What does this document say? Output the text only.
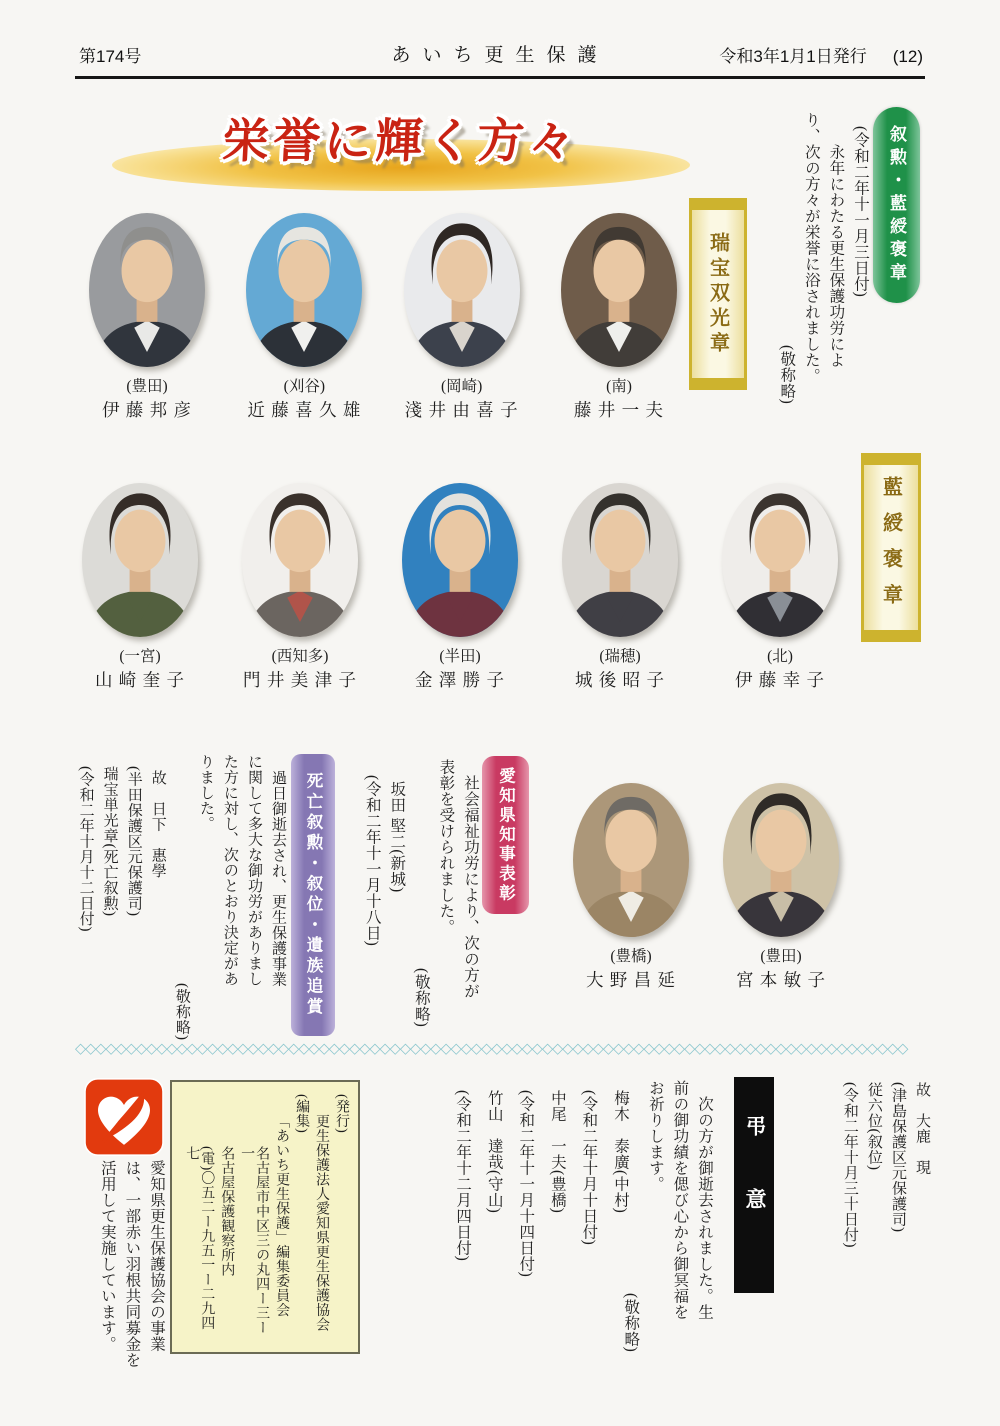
第174号	あいち更生保護	令和3年1月1日発行 (12)
栄誉に輝く方々	叙勲・藍綬褒章

(令和二年十一月三日付)

永年にわたる更生保護功労によ

り、次の方々が栄誉に浴されました。

(敬称略)

瑞宝双光章

(豊田)

伊 藤 邦 彦

(刈谷)

近 藤 喜 久 雄

(岡崎)

淺 井 由 喜 子

(南)

藤 井 一 夫

藍綬褒章

(一宮)

山 崎 奎 子

(西知多)

門 井 美 津 子

(半田)

金 澤 勝 子

(瑞穂)

城 後 昭 子

(北)

伊 藤 幸 子

愛知県知事表彰

社会福祉功労により、次の方が

表彰を受けられました。

(敬称略)

坂田 堅二(新城)

(令和二年十一月十八日)

(豊橋)

大 野 昌 延

(豊田)

宮 本 敏 子

死亡叙勲・叙位・遺族追賞

過日御逝去され、更生保護事業

に関して多大な御功労がありまし

た方に対し、次のとおり決定があ

りました。

(敬称略)

故　日下　惠學

(半田保護区元保護司)

瑞宝単光章(死亡叙勲)

(令和二年十月十二日付)

◇◇◇◇◇◇◇◇◇◇◇◇◇◇◇◇◇◇◇◇◇◇◇◇◇◇◇◇◇◇◇◇◇◇◇◇◇◇◇◇◇◇◇◇◇◇◇◇◇◇◇◇◇◇◇◇◇◇◇◇◇◇◇◇◇◇◇◇◇◇◇◇◇◇◇◇◇◇◇◇◇◇

故　大鹿　現

(津島保護区元保護司)

従六位(叙位)

(令和二年十月三十日付)

弔意

次の方が御逝去されました。生

前の御功績を偲び心から御冥福を

お祈りします。

(敬称略)

梅木　泰廣(中村)

(令和二年十月十日付)

中尾　一夫(豊橋)

(令和二年十一月十四日付)

竹山　達哉(守山)

(令和二年十二月四日付)

(発行)

更生保護法人愛知県更生保護協会

(編集)

「あいち更生保護」編集委員会

名古屋市中区三の丸四ー三ー一

名古屋保護観察所内

(電)〇五二ー九五一ー二九四七

愛知県更生保護協会の事業

は、一部赤い羽根共同募金を

活用して実施しています。
